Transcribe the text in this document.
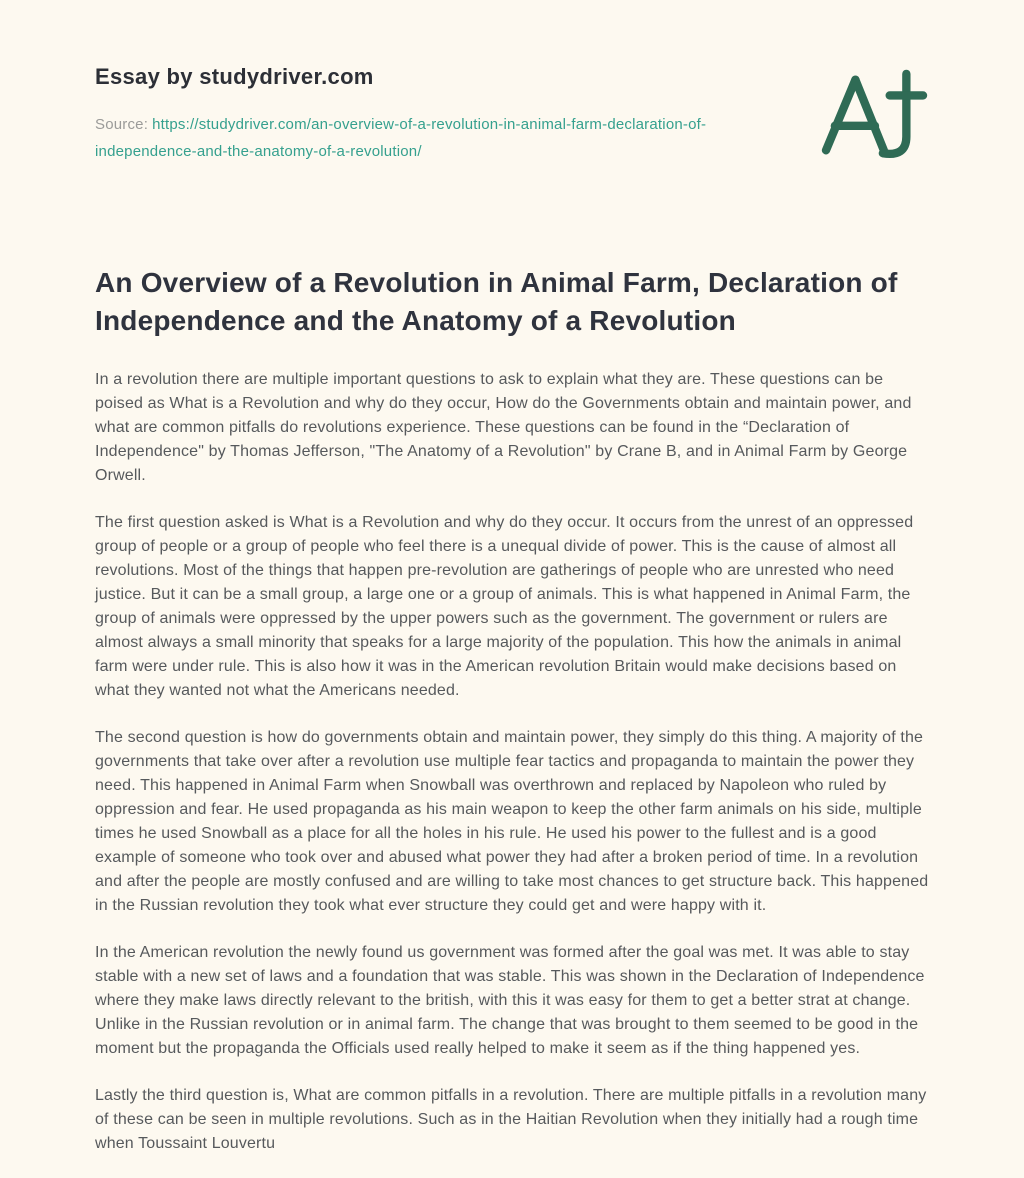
Essay by studydriver.com

Source: https://studydriver.com/an-overview-of-a-revolution-in-animal-farm-declaration-of-independence-and-the-anatomy-of-a-revolution/

An Overview of a Revolution in Animal Farm, Declaration of Independence and the Anatomy of a Revolution

In a revolution there are multiple important questions to ask to explain what they are. These questions can be poised as What is a Revolution and why do they occur, How do the Governments obtain and maintain power, and what are common pitfalls do revolutions experience. These questions can be found in the “Declaration of Independence" by Thomas Jefferson, "The Anatomy of a Revolution" by Crane B, and in Animal Farm by George Orwell.

The first question asked is What is a Revolution and why do they occur. It occurs from the unrest of an oppressed group of people or a group of people who feel there is a unequal divide of power. This is the cause of almost all revolutions. Most of the things that happen pre-revolution are gatherings of people who are unrested who need justice. But it can be a small group, a large one or a group of animals. This is what happened in Animal Farm, the group of animals were oppressed by the upper powers such as the government. The government or rulers are almost always a small minority that speaks for a large majority of the population. This how the animals in animal farm were under rule. This is also how it was in the American revolution Britain would make decisions based on what they wanted not what the Americans needed.

The second question is how do governments obtain and maintain power, they simply do this thing. A majority of the governments that take over after a revolution use multiple fear tactics and propaganda to maintain the power they need. This happened in Animal Farm when Snowball was overthrown and replaced by Napoleon who ruled by oppression and fear. He used propaganda as his main weapon to keep the other farm animals on his side, multiple times he used Snowball as a place for all the holes in his rule. He used his power to the fullest and is a good example of someone who took over and abused what power they had after a broken period of time. In a revolution and after the people are mostly confused and are willing to take most chances to get structure back. This happened in the Russian revolution they took what ever structure they could get and were happy with it.

In the American revolution the newly found us government was formed after the goal was met. It was able to stay stable with a new set of laws and a foundation that was stable. This was shown in the Declaration of Independence where they make laws directly relevant to the british, with this it was easy for them to get a better strat at change. Unlike in the Russian revolution or in animal farm. The change that was brought to them seemed to be good in the moment but the propaganda the Officials used really helped to make it seem as if the thing happened yes.

Lastly the third question is, What are common pitfalls in a revolution. There are multiple pitfalls in a revolution many of these can be seen in multiple revolutions. Such as in the Haitian Revolution when they initially had a rough time when Toussaint Louvertu
